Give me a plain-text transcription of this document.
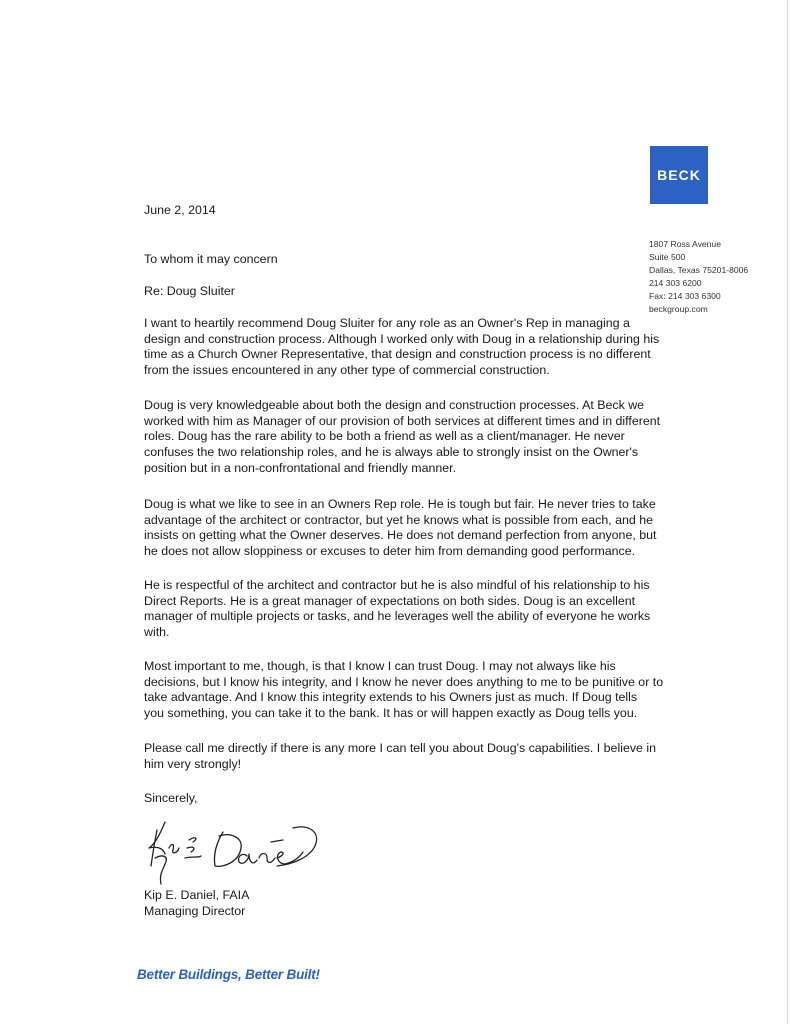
BECK
1807 Ross Avenue
Suite 500
Dallas, Texas 75201-8006
214 303 6200
Fax: 214 303 6300
beckgroup.com
June 2, 2014
To whom it may concern
Re: Doug Sluiter
I want to heartily recommend Doug Sluiter for any role as an Owner's Rep in managing a
design and construction process. Although I worked only with Doug in a relationship during his
time as a Church Owner Representative, that design and construction process is no different
from the issues encountered in any other type of commercial construction.
Doug is very knowledgeable about both the design and construction processes. At Beck we
worked with him as Manager of our provision of both services at different times and in different
roles. Doug has the rare ability to be both a friend as well as a client/manager. He never
confuses the two relationship roles, and he is always able to strongly insist on the Owner's
position but in a non-confrontational and friendly manner.
Doug is what we like to see in an Owners Rep role. He is tough but fair. He never tries to take
advantage of the architect or contractor, but yet he knows what is possible from each, and he
insists on getting what the Owner deserves. He does not demand perfection from anyone, but
he does not allow sloppiness or excuses to deter him from demanding good performance.
He is respectful of the architect and contractor but he is also mindful of his relationship to his
Direct Reports. He is a great manager of expectations on both sides. Doug is an excellent
manager of multiple projects or tasks, and he leverages well the ability of everyone he works
with.
Most important to me, though, is that I know I can trust Doug. I may not always like his
decisions, but I know his integrity, and I know he never does anything to me to be punitive or to
take advantage. And I know this integrity extends to his Owners just as much. If Doug tells
you something, you can take it to the bank. It has or will happen exactly as Doug tells you.
Please call me directly if there is any more I can tell you about Doug's capabilities. I believe in
him very strongly!
Sincerely,
Kip E. Daniel, FAIA
Managing Director
Better Buildings, Better Built!
